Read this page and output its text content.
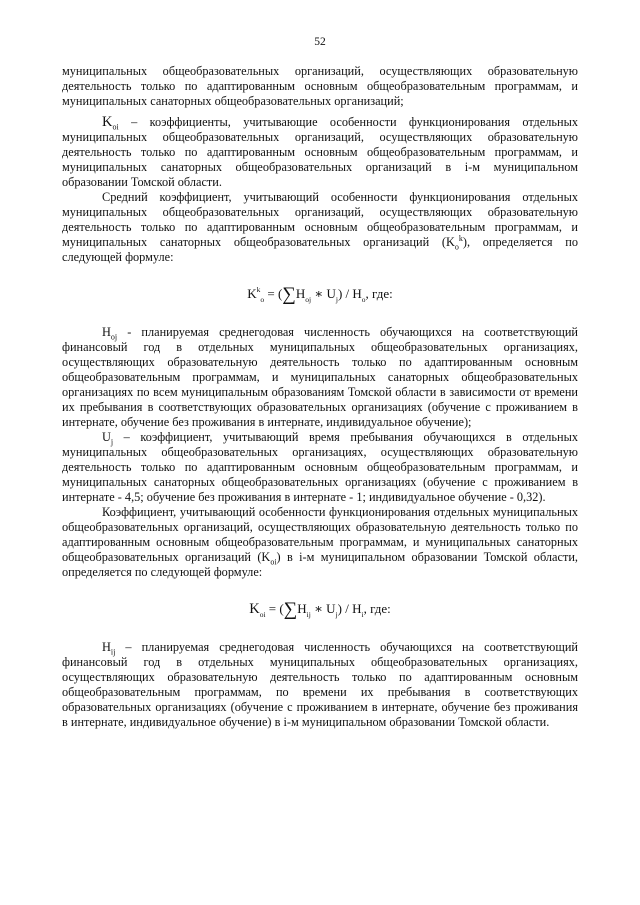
52

муниципальных общеобразовательных организаций, осуществляющих образовательную деятельность только по адаптированным основным общеобразовательным программам, и муниципальных санаторных общеобразовательных организаций;

$K_{oi}$ – коэффициенты, учитывающие особенности функционирования отдельных муниципальных общеобразовательных организаций, осуществляющих образовательную деятельность только по адаптированным основным общеобразовательным программам, и муниципальных санаторных общеобразовательных организаций в i-м муниципальном образовании Томской области.

Средний коэффициент, учитывающий особенности функционирования отдельных муниципальных общеобразовательных организаций, осуществляющих образовательную деятельность только по адаптированным основным общеобразовательным программам, и муниципальных санаторных общеобразовательных организаций $(K_о^k)$, определяется по следующей формуле:

$K^k_o = (\sum H_{oj}$ ∗ $U_j) / H_o$, где:

$H_{oj}$ - планируемая среднегодовая численность обучающихся на соответствующий финансовый год в отдельных муниципальных общеобразовательных организациях, осуществляющих образовательную деятельность только по адаптированным основным общеобразовательным программам, и муниципальных санаторных общеобразовательных организациях по всем муниципальным образованиям Томской области в зависимости от времени их пребывания в соответствующих образовательных организациях (обучение с проживанием в интернате, обучение без проживания в интернате, индивидуальное обучение);

$U_j$ – коэффициент, учитывающий время пребывания обучающихся в отдельных муниципальных общеобразовательных организациях, осуществляющих образовательную деятельность только по адаптированным основным общеобразовательным программам, и муниципальных санаторных общеобразовательных организациях (обучение с проживанием в интернате - 4,5; обучение без проживания в интернате - 1; индивидуальное обучение - 0,32).

Коэффициент, учитывающий особенности функционирования отдельных муниципальных общеобразовательных организаций, осуществляющих образовательную деятельность только по адаптированным основным общеобразовательным программам, и муниципальных санаторных общеобразовательных организаций $(K_{oi})$ в i-м муниципальном образовании Томской области, определяется по следующей формуле:

$K_{oi} = (\sum H_{ij}$ ∗ $U_j) / H_i$, где:

$H_{ij}$ – планируемая среднегодовая численность обучающихся на соответствующий финансовый год в отдельных муниципальных общеобразовательных организациях, осуществляющих образовательную деятельность только по адаптированным основным общеобразовательным программам, по времени их пребывания в соответствующих образовательных организациях (обучение с проживанием в интернате, обучение без проживания в интернате, индивидуальное обучение) в i-м муниципальном образовании Томской области.
